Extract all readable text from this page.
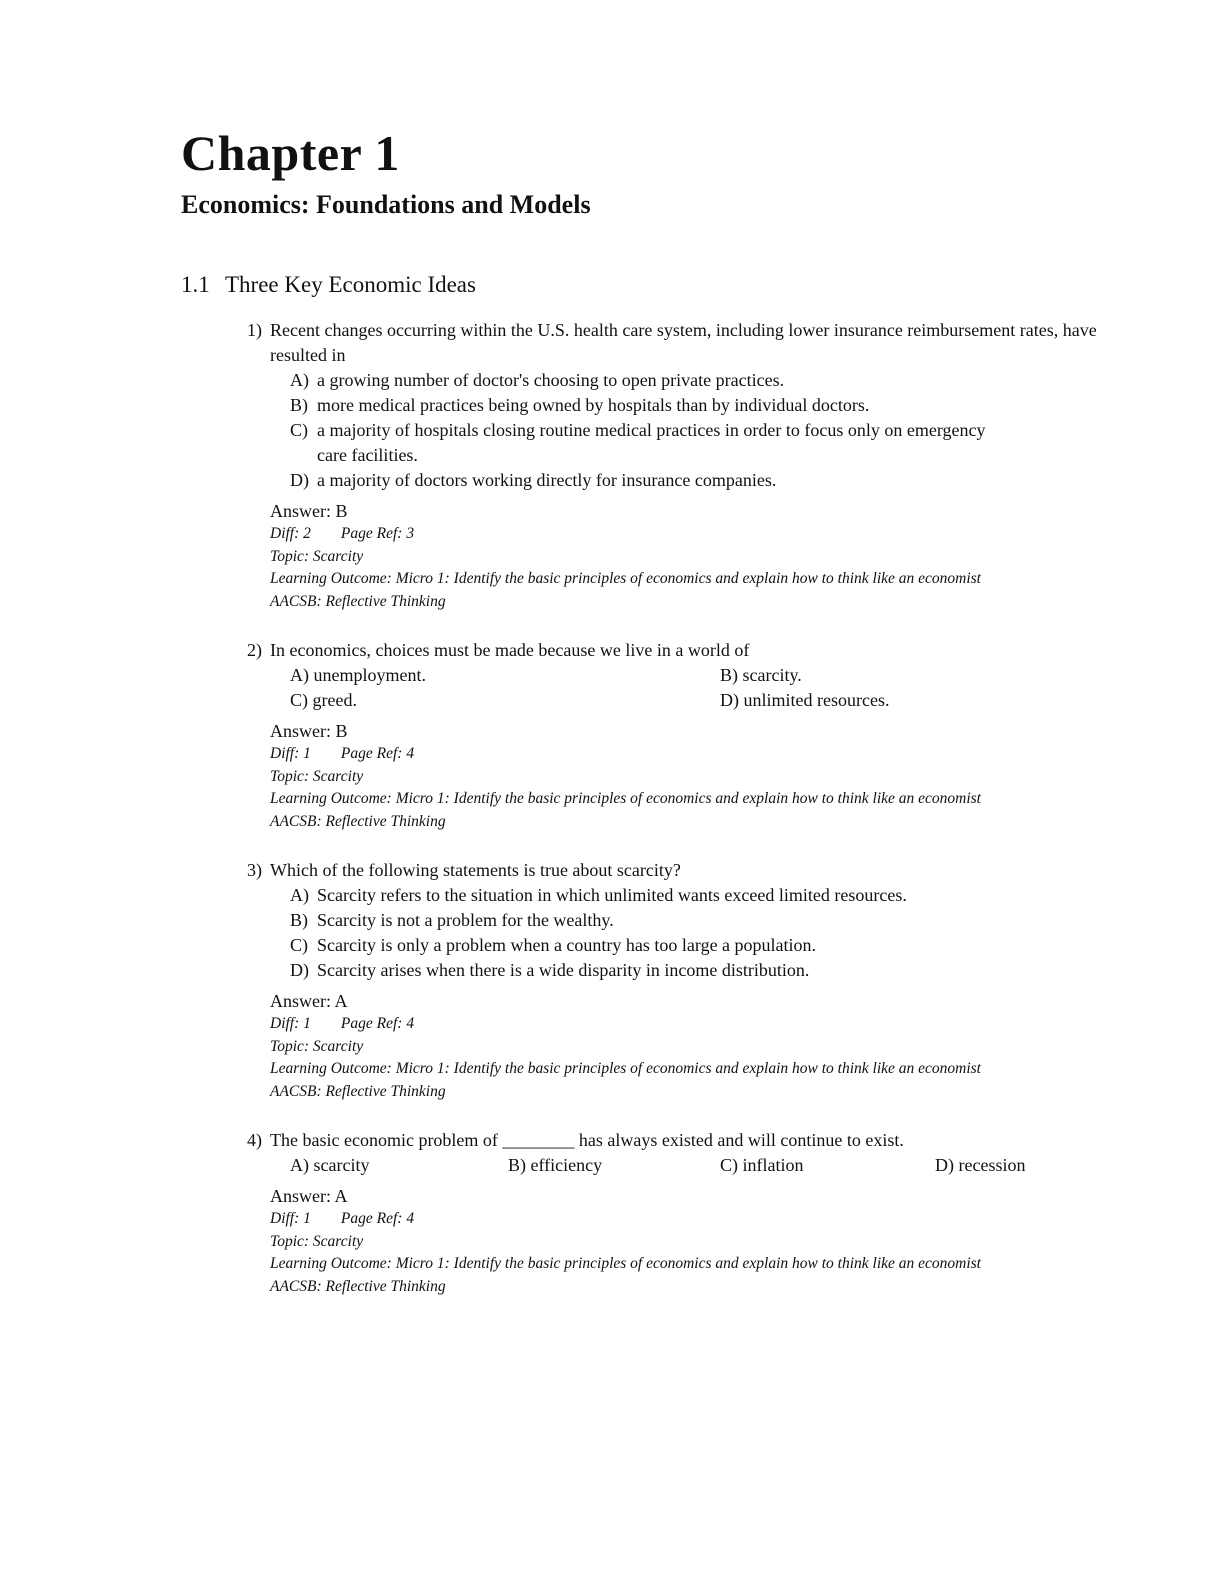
Chapter 1
Economics: Foundations and Models
1.1 Three Key Economic Ideas
1) Recent changes occurring within the U.S. health care system, including lower insurance reimbursement rates, have resulted in
A) a growing number of doctor's choosing to open private practices.
B) more medical practices being owned by hospitals than by individual doctors.
C) a majority of hospitals closing routine medical practices in order to focus only on emergency care facilities.
D) a majority of doctors working directly for insurance companies.
Answer: B
Diff: 2 Page Ref: 3
Topic: Scarcity
Learning Outcome: Micro 1: Identify the basic principles of economics and explain how to think like an economist
AACSB: Reflective Thinking
2) In economics, choices must be made because we live in a world of
A) unemployment.	B) scarcity.
C) greed.	D) unlimited resources.
Answer: B
Diff: 1 Page Ref: 4
Topic: Scarcity
Learning Outcome: Micro 1: Identify the basic principles of economics and explain how to think like an economist
AACSB: Reflective Thinking
3) Which of the following statements is true about scarcity?
A) Scarcity refers to the situation in which unlimited wants exceed limited resources.
B) Scarcity is not a problem for the wealthy.
C) Scarcity is only a problem when a country has too large a population.
D) Scarcity arises when there is a wide disparity in income distribution.
Answer: A
Diff: 1 Page Ref: 4
Topic: Scarcity
Learning Outcome: Micro 1: Identify the basic principles of economics and explain how to think like an economist
AACSB: Reflective Thinking
4) The basic economic problem of ________ has always existed and will continue to exist.
A) scarcity	B) efficiency	C) inflation	D) recession
Answer: A
Diff: 1 Page Ref: 4
Topic: Scarcity
Learning Outcome: Micro 1: Identify the basic principles of economics and explain how to think like an economist
AACSB: Reflective Thinking
